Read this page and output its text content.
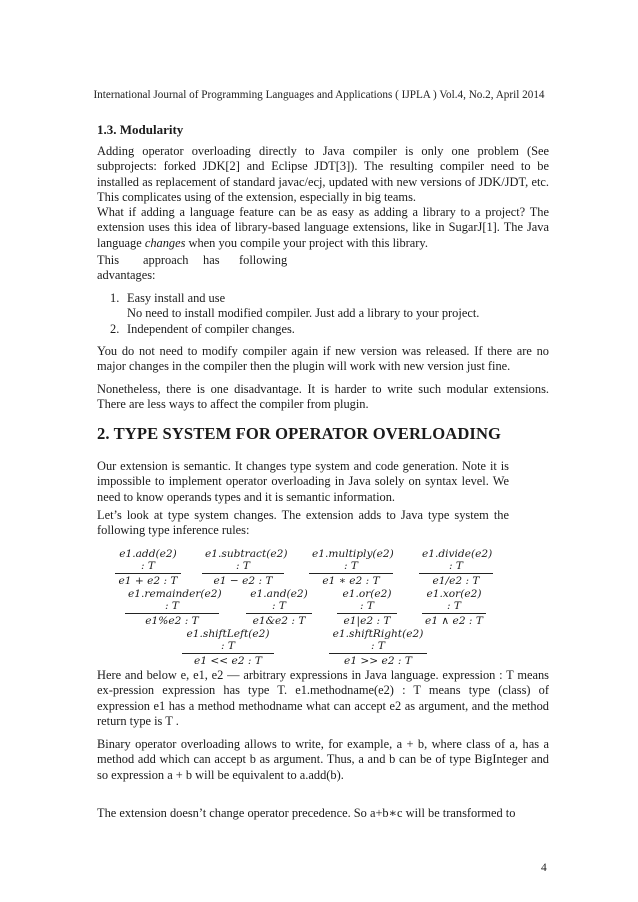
International Journal of Programming Languages and Applications ( IJPLA ) Vol.4, No.2, April 2014
1.3. Modularity
Adding operator overloading directly to Java compiler is only one problem (See subprojects: forked JDK[2] and Eclipse JDT[3]). The resulting compiler need to be installed as replacement of standard javac/ecj, updated with new versions of JDK/JDT, etc. This complicates using of the extension, especially in big teams.
What if adding a language feature can be as easy as adding a library to a project? The extension uses this idea of library-based language extensions, like in SugarJ[1]. The Java language changes when you compile your project with this library.
This approach has following
advantages:
1. Easy install and use
No need to install modified compiler. Just add a library to your project.
2. Independent of compiler changes.
You do not need to modify compiler again if new version was released. If there are no major changes in the compiler then the plugin will work with new version just fine.
Nonetheless, there is one disadvantage. It is harder to write such modular extensions. There are less ways to affect the compiler from plugin.
2. TYPE SYSTEM FOR OPERATOR OVERLOADING
Our extension is semantic. It changes type system and code generation. Note it is impossible to implement operator overloading in Java solely on syntax level. We need to know operands types and it is semantic information.
Let’s look at type system changes. The extension adds to Java type system the following type inference rules:
e1.add(e2) : T
e1 + e2 : T
e1.subtract(e2) : T
e1 − e2 : T
e1.multiply(e2) : T
e1 ∗ e2 : T
e1.divide(e2) : T
e1/e2 : T
e1.remainder(e2) : T
e1%e2 : T
e1.and(e2) : T
e1&e2 : T	$\frac{e1.or(e2) : T}{e1|e2 : T}$	e1.xor(e2) : T
e1 ∧ e2 : T
e1.shiftLeft(e2) : T
e1 << e2 : T
e1.shiftRight(e2) : T
e1 >> e2 : T
Here and below e, e1, e2 — arbitrary expressions in Java language. expression : T means ex-pression expression has type T. e1.methodname(e2) : T means type (class) of expression e1 has a method methodname what can accept e2 as argument, and the method return type is T .
Binary operator overloading allows to write, for example, a + b, where class of a, has a method add which can accept b as argument. Thus, a and b can be of type BigInteger and so expression a + b will be equivalent to a.add(b).
The extension doesn’t change operator precedence. So a+b∗c will be transformed to
4
